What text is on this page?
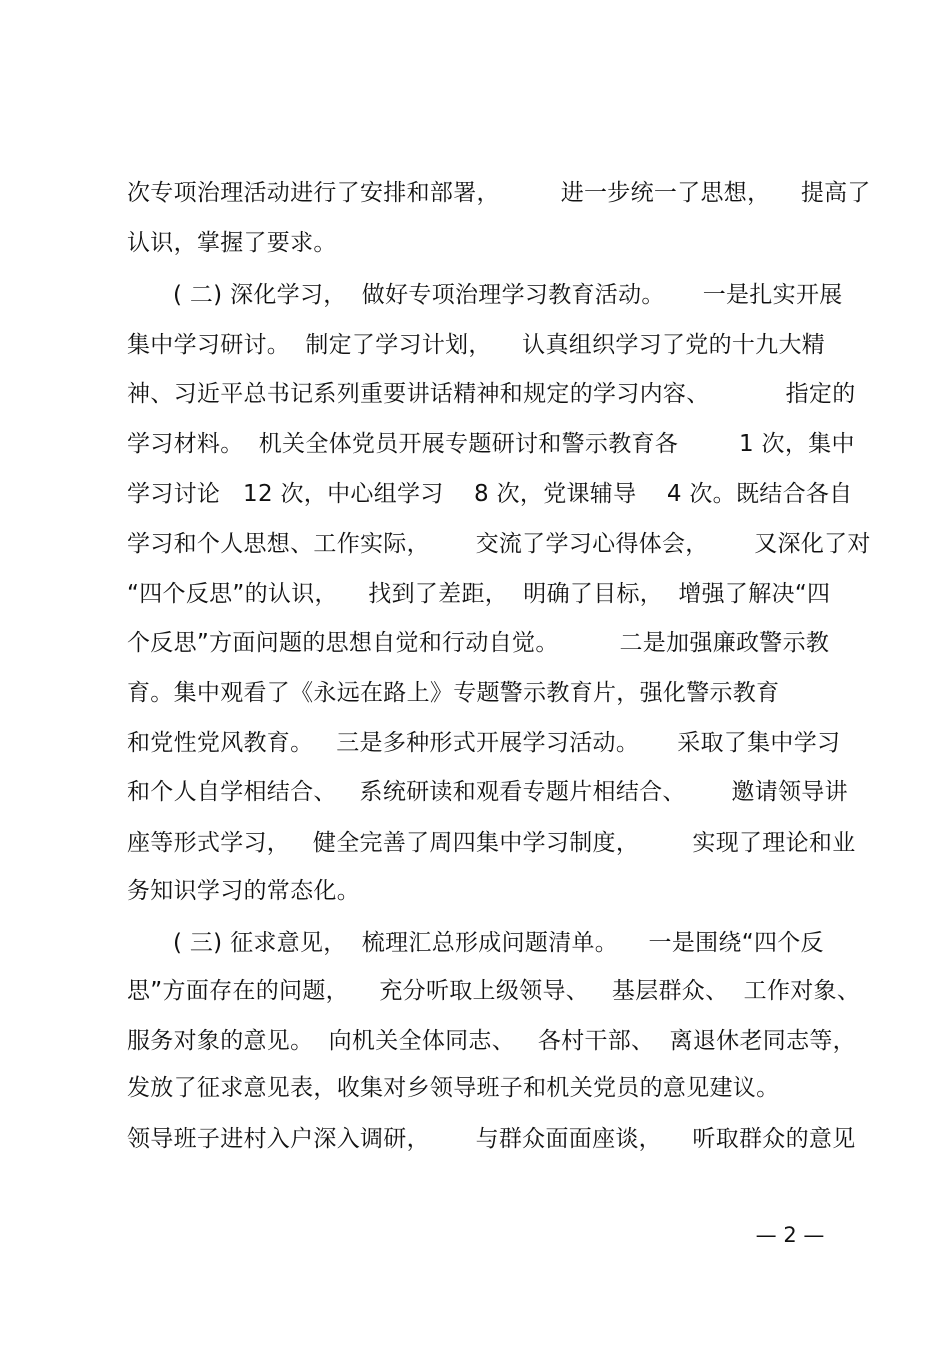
次专项治理活动进行了安排和部署，        进一步统一了思想，    提高了
认识，掌握了要求。
( 二) 深化学习，  做好专项治理学习教育活动。     一是扎实开展
集中学习研讨。  制定了学习计划，    认真组织学习了党的十九大精
神、习近平总书记系列重要讲话精神和规定的学习内容、          指定的
学习材料。  机关全体党员开展专题研讨和警示教育各        1 次，集中
学习讨论   12 次，中心组学习    8 次，党课辅导    4 次。既结合各自
学习和个人思想、工作实际，      交流了学习心得体会，      又深化了对
“四个反思”的认识，    找到了差距，  明确了目标，  增强了解决“四
个反思”方面问题的思想自觉和行动自觉。        二是加强廉政警示教
育。集中观看了《永远在路上》专题警示教育片，强化警示教育
和党性党风教育。   三是多种形式开展学习活动。     采取了集中学习
和个人自学相结合、   系统研读和观看专题片相结合、      邀请领导讲
座等形式学习，   健全完善了周四集中学习制度，       实现了理论和业
务知识学习的常态化。
( 三) 征求意见，  梳理汇总形成问题清单。    一是围绕“四个反
思”方面存在的问题，    充分听取上级领导、   基层群众、  工作对象、
服务对象的意见。  向机关全体同志、   各村干部、  离退休老同志等，
发放了征求意见表，收集对乡领导班子和机关党员的意见建议。
领导班子进村入户深入调研，      与群众面面座谈，    听取群众的意见
— 2 —
